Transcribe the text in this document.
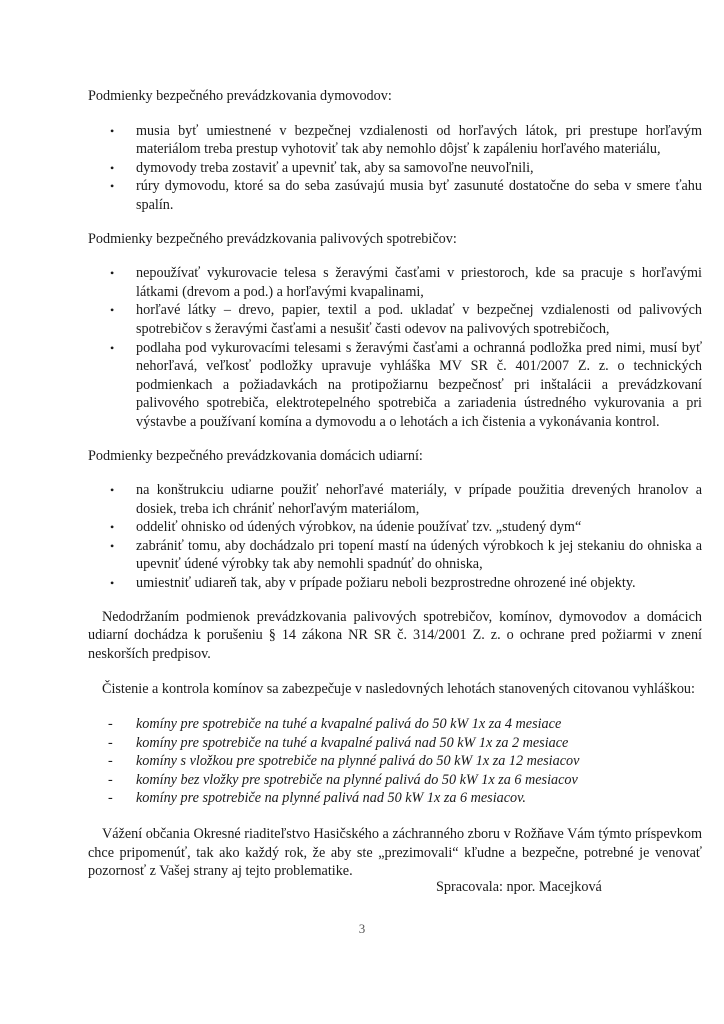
Podmienky bezpečného prevádzkovania dymovodov:

• musia byť umiestnené v bezpečnej vzdialenosti od horľavých látok, pri prestupe horľavým materiálom treba prestup vyhotoviť tak aby nemohlo dôjsť k zapáleniu horľavého materiálu,
• dymovody treba zostaviť a upevniť tak, aby sa samovoľne neuvoľnili,
• rúry dymovodu, ktoré sa do seba zasúvajú musia byť zasunuté dostatočne do seba v smere ťahu spalín.

Podmienky bezpečného prevádzkovania palivových spotrebičov:

• nepoužívať vykurovacie telesa s žeravými časťami v priestoroch, kde sa pracuje s horľavými látkami (drevom a pod.) a horľavými kvapalinami,
• horľavé látky – drevo, papier, textil a pod. ukladať v bezpečnej vzdialenosti od palivových spotrebičov s žeravými časťami a nesušiť časti odevov na palivových spotrebičoch,
• podlaha pod vykurovacími telesami s žeravými časťami a ochranná podložka pred nimi, musí byť nehorľavá, veľkosť podložky upravuje vyhláška MV SR č. 401/2007 Z. z. o technických podmienkach a požiadavkách na protipožiarnu bezpečnosť pri inštalácii a prevádzkovaní palivového spotrebiča, elektrotepelného spotrebiča a zariadenia ústredného vykurovania a pri výstavbe a používaní komína a dymovodu a o lehotách a ich čistenia a vykonávania kontrol.

Podmienky bezpečného prevádzkovania domácich udiarní:

• na konštrukciu udiarne použiť nehorľavé materiály, v prípade použitia drevených hranolov a dosiek, treba ich chrániť nehorľavým materiálom,
• oddeliť ohnisko od údených výrobkov, na údenie používať tzv. „studený dym“
• zabrániť tomu, aby dochádzalo pri topení mastí na údených výrobkoch k jej stekaniu do ohniska a upevniť údené výrobky tak aby nemohli spadnúť do ohniska,
• umiestniť udiareň tak, aby v prípade požiaru neboli bezprostredne ohrozené iné objekty.

Nedodržaním podmienok prevádzkovania palivových spotrebičov, komínov, dymovodov a domácich udiarní dochádza k porušeniu § 14 zákona NR SR č. 314/2001 Z. z. o ochrane pred požiarmi v znení neskorších predpisov.

Čistenie a kontrola komínov sa zabezpečuje v nasledovných lehotách stanovených citovanou vyhláškou:

- komíny pre spotrebiče na tuhé a kvapalné palivá do 50 kW 1x za 4 mesiace
- komíny pre spotrebiče na tuhé a kvapalné palivá nad 50 kW 1x za 2 mesiace
- komíny s vložkou pre spotrebiče na plynné palivá do 50 kW 1x za 12 mesiacov
- komíny bez vložky pre spotrebiče na plynné palivá do 50 kW 1x za 6 mesiacov
- komíny pre spotrebiče na plynné palivá nad 50 kW 1x za 6 mesiacov.

Vážení občania Okresné riaditeľstvo Hasičského a záchranného zboru v Rožňave Vám týmto príspevkom chce pripomenúť, tak ako každý rok, že aby ste „prezimovali“ kľudne a bezpečne, potrebné je venovať pozornosť z Vašej strany aj tejto problematike.

Spracovala: npor. Macejková
3
